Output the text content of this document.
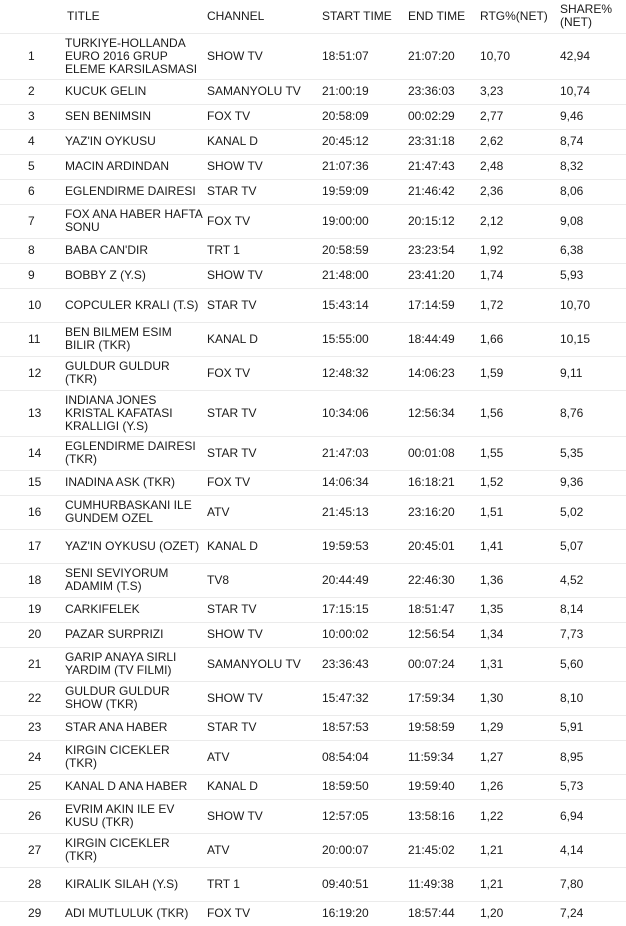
	TITLE	CHANNEL	START TIME	END TIME	RTG%(NET)	SHARE%
(NET)
1	TURKIYE-HOLLANDA EURO 2016 GRUP ELEME KARSILASMASI	SHOW TV	18:51:07	21:07:20	10,70	42,94
2	KUCUK GELIN	SAMANYOLU TV	21:00:19	23:36:03	3,23	10,74
3	SEN BENIMSIN	FOX TV	20:58:09	00:02:29	2,77	9,46
4	YAZ'IN OYKUSU	KANAL D	20:45:12	23:31:18	2,62	8,74
5	MACIN ARDINDAN	SHOW TV	21:07:36	21:47:43	2,48	8,32
6	EGLENDIRME DAIRESI	STAR TV	19:59:09	21:46:42	2,36	8,06
7	FOX ANA HABER HAFTA SONU	FOX TV	19:00:00	20:15:12	2,12	9,08
8	BABA CAN'DIR	TRT 1	20:58:59	23:23:54	1,92	6,38
9	BOBBY Z (Y.S)	SHOW TV	21:48:00	23:41:20	1,74	5,93
10	COPCULER KRALI (T.S)	STAR TV	15:43:14	17:14:59	1,72	10,70
11	BEN BILMEM ESIM BILIR (TKR)	KANAL D	15:55:00	18:44:49	1,66	10,15
12	GULDUR GULDUR (TKR)	FOX TV	12:48:32	14:06:23	1,59	9,11
13	INDIANA JONES KRISTAL KAFATASI KRALLIGI (Y.S)	STAR TV	10:34:06	12:56:34	1,56	8,76
14	EGLENDIRME DAIRESI (TKR)	STAR TV	21:47:03	00:01:08	1,55	5,35
15	INADINA ASK (TKR)	FOX TV	14:06:34	16:18:21	1,52	9,36
16	CUMHURBASKANI ILE GUNDEM OZEL	ATV	21:45:13	23:16:20	1,51	5,02
17	YAZ'IN OYKUSU (OZET)	KANAL D	19:59:53	20:45:01	1,41	5,07
18	SENI SEVIYORUM ADAMIM (T.S)	TV8	20:44:49	22:46:30	1,36	4,52
19	CARKIFELEK	STAR TV	17:15:15	18:51:47	1,35	8,14
20	PAZAR SURPRIZI	SHOW TV	10:00:02	12:56:54	1,34	7,73
21	GARIP ANAYA SIRLI YARDIM (TV FILMI)	SAMANYOLU TV	23:36:43	00:07:24	1,31	5,60
22	GULDUR GULDUR SHOW (TKR)	SHOW TV	15:47:32	17:59:34	1,30	8,10
23	STAR ANA HABER	STAR TV	18:57:53	19:58:59	1,29	5,91
24	KIRGIN CICEKLER (TKR)	ATV	08:54:04	11:59:34	1,27	8,95
25	KANAL D ANA HABER	KANAL D	18:59:50	19:59:40	1,26	5,73
26	EVRIM AKIN ILE EV KUSU (TKR)	SHOW TV	12:57:05	13:58:16	1,22	6,94
27	KIRGIN CICEKLER (TKR)	ATV	20:00:07	21:45:02	1,21	4,14
28	KIRALIK SILAH (Y.S)	TRT 1	09:40:51	11:49:38	1,21	7,80
29	ADI MUTLULUK (TKR)	FOX TV	16:19:20	18:57:44	1,20	7,24
